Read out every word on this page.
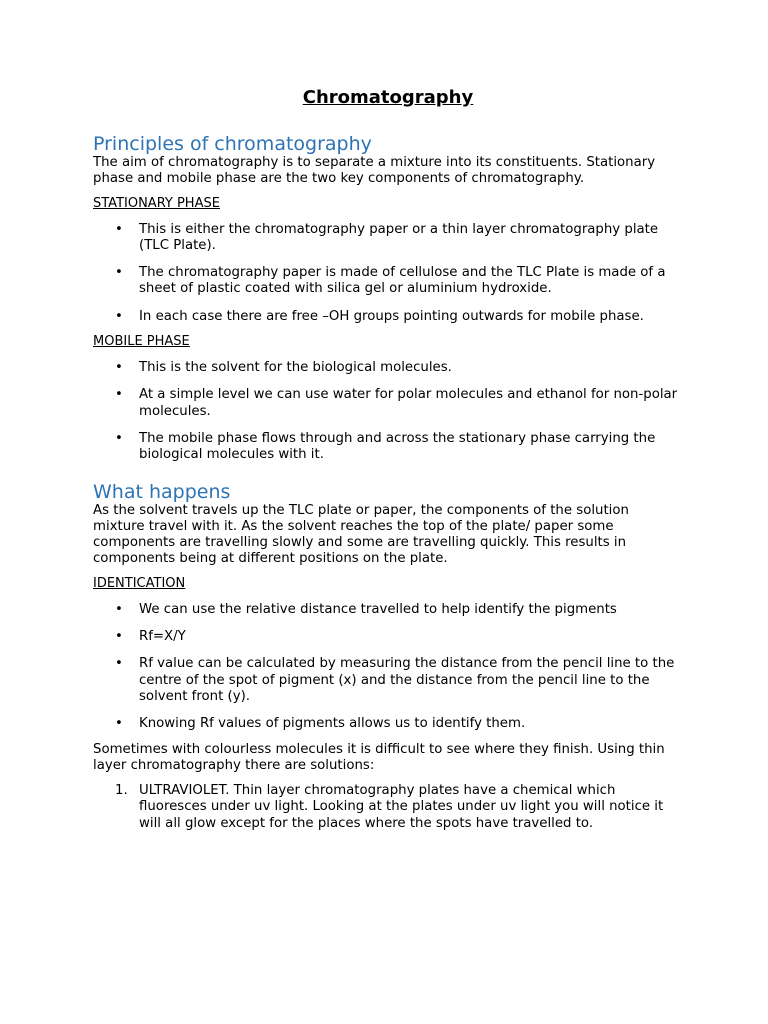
Chromatography
Principles of chromatography

The aim of chromatography is to separate a mixture into its constituents. Stationary phase and mobile phase are the two key components of chromatography.

STATIONARY PHASE
• This is either the chromatography paper or a thin layer chromatography plate (TLC Plate).
• The chromatography paper is made of cellulose and the TLC Plate is made of a sheet of plastic coated with silica gel or aluminium hydroxide.
• In each case there are free –OH groups pointing outwards for mobile phase.
MOBILE PHASE
• This is the solvent for the biological molecules.
• At a simple level we can use water for polar molecules and ethanol for non-polar molecules.
• The mobile phase flows through and across the stationary phase carrying the biological molecules with it.
What happens

As the solvent travels up the TLC plate or paper, the components of the solution mixture travel with it. As the solvent reaches the top of the plate/ paper some components are travelling slowly and some are travelling quickly. This results in components being at different positions on the plate.

IDENTICATION
• We can use the relative distance travelled to help identify the pigments
• Rf=X/Y
• Rf value can be calculated by measuring the distance from the pencil line to the centre of the spot of pigment (x) and the distance from the pencil line to the solvent front (y).
• Knowing Rf values of pigments allows us to identify them.

Sometimes with colourless molecules it is difficult to see where they finish. Using thin layer chromatography there are solutions:

1. ULTRAVIOLET. Thin layer chromatography plates have a chemical which fluoresces under uv light. Looking at the plates under uv light you will notice it will all glow except for the places where the spots have travelled to.
